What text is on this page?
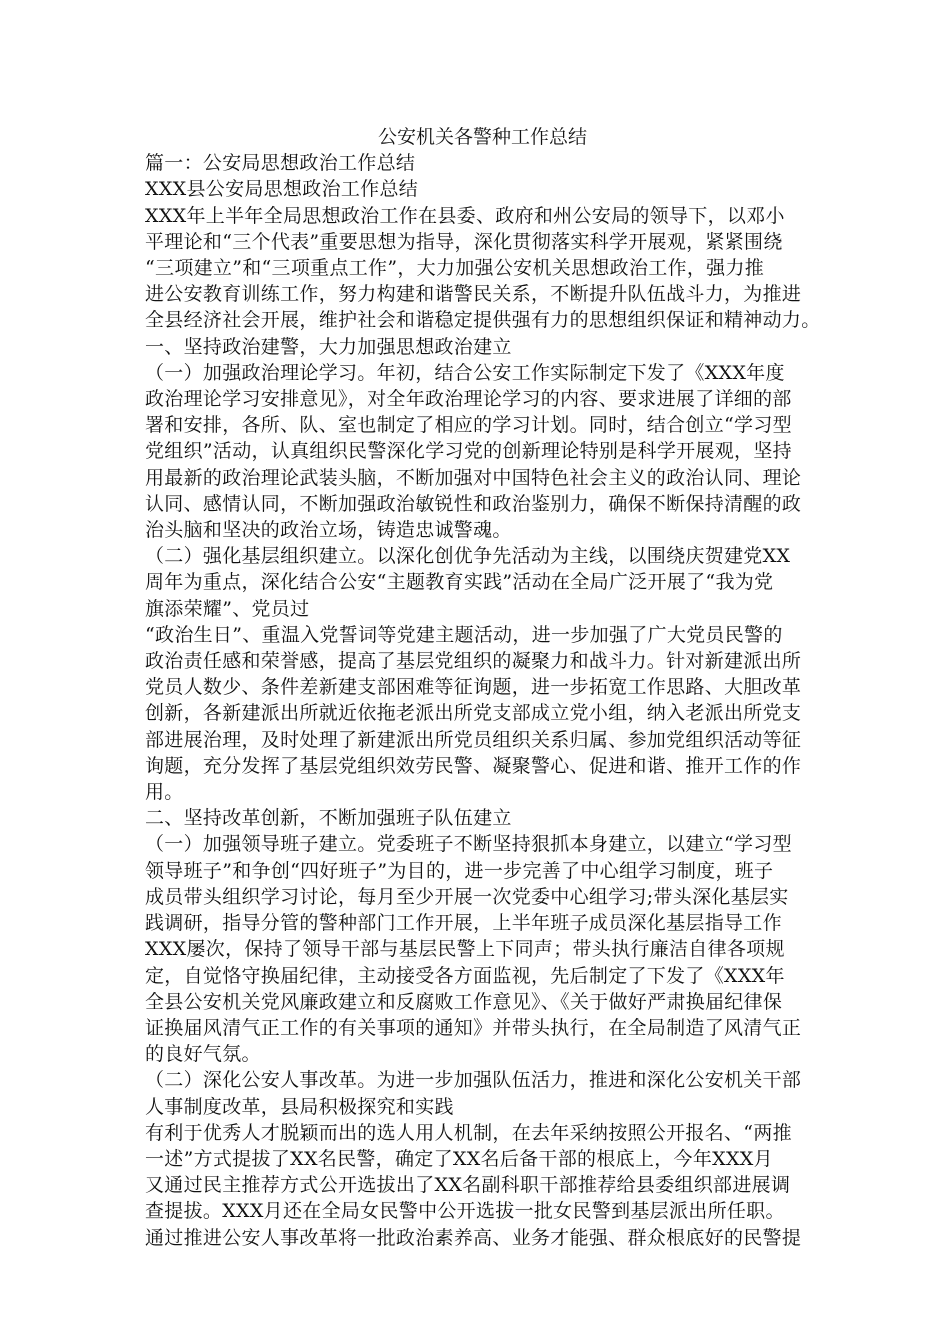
公安机关各警种工作总结

篇一：公安局思想政治工作总结

XXX县公安局思想政治工作总结

XXX年上半年全局思想政治工作在县委、政府和州公安局的领导下，以邓小

平理论和“三个代表”重要思想为指导，深化贯彻落实科学开展观，紧紧围绕

“三项建立”和“三项重点工作”，大力加强公安机关思想政治工作，强力推

进公安教育训练工作，努力构建和谐警民关系，不断提升队伍战斗力，为推进

全县经济社会开展，维护社会和谐稳定提供强有力的思想组织保证和精神动力。

一、坚持政治建警，大力加强思想政治建立

（一）加强政治理论学习。年初，结合公安工作实际制定下发了《XXX年度

政治理论学习安排意见》，对全年政治理论学习的内容、要求进展了详细的部

署和安排，各所、队、室也制定了相应的学习计划。同时，结合创立“学习型

党组织”活动，认真组织民警深化学习党的创新理论特别是科学开展观，坚持

用最新的政治理论武装头脑，不断加强对中国特色社会主义的政治认同、理论

认同、感情认同，不断加强政治敏锐性和政治鉴别力，确保不断保持清醒的政

治头脑和坚决的政治立场，铸造忠诚警魂。

（二）强化基层组织建立。以深化创优争先活动为主线，以围绕庆贺建党XX

周年为重点，深化结合公安“主题教育实践”活动在全局广泛开展了“我为党

旗添荣耀”、党员过

“政治生日”、重温入党誓词等党建主题活动，进一步加强了广大党员民警的

政治责任感和荣誉感，提高了基层党组织的凝聚力和战斗力。针对新建派出所

党员人数少、条件差新建支部困难等征询题，进一步拓宽工作思路、大胆改革

创新，各新建派出所就近依拖老派出所党支部成立党小组，纳入老派出所党支

部进展治理，及时处理了新建派出所党员组织关系归属、参加党组织活动等征

询题，充分发挥了基层党组织效劳民警、凝聚警心、促进和谐、推开工作的作

用。

二、坚持改革创新，不断加强班子队伍建立

（一）加强领导班子建立。党委班子不断坚持狠抓本身建立，以建立“学习型

领导班子”和争创“四好班子”为目的，进一步完善了中心组学习制度，班子

成员带头组织学习讨论，每月至少开展一次党委中心组学习;带头深化基层实

践调研，指导分管的警种部门工作开展，上半年班子成员深化基层指导工作

XXX屡次，保持了领导干部与基层民警上下同声；带头执行廉洁自律各项规

定，自觉恪守换届纪律，主动接受各方面监视，先后制定了下发了《XXX年

全县公安机关党风廉政建立和反腐败工作意见》、《关于做好严肃换届纪律保

证换届风清气正工作的有关事项的通知》并带头执行，在全局制造了风清气正

的良好气氛。

（二）深化公安人事改革。为进一步加强队伍活力，推进和深化公安机关干部

人事制度改革，县局积极探究和实践

有利于优秀人才脱颖而出的选人用人机制，在去年采纳按照公开报名、“两推

一述”方式提拔了XX名民警，确定了XX名后备干部的根底上，今年XXX月

又通过民主推荐方式公开选拔出了XX名副科职干部推荐给县委组织部进展调

查提拔。XXX月还在全局女民警中公开选拔一批女民警到基层派出所任职。

通过推进公安人事改革将一批政治素养高、业务才能强、群众根底好的民警提
